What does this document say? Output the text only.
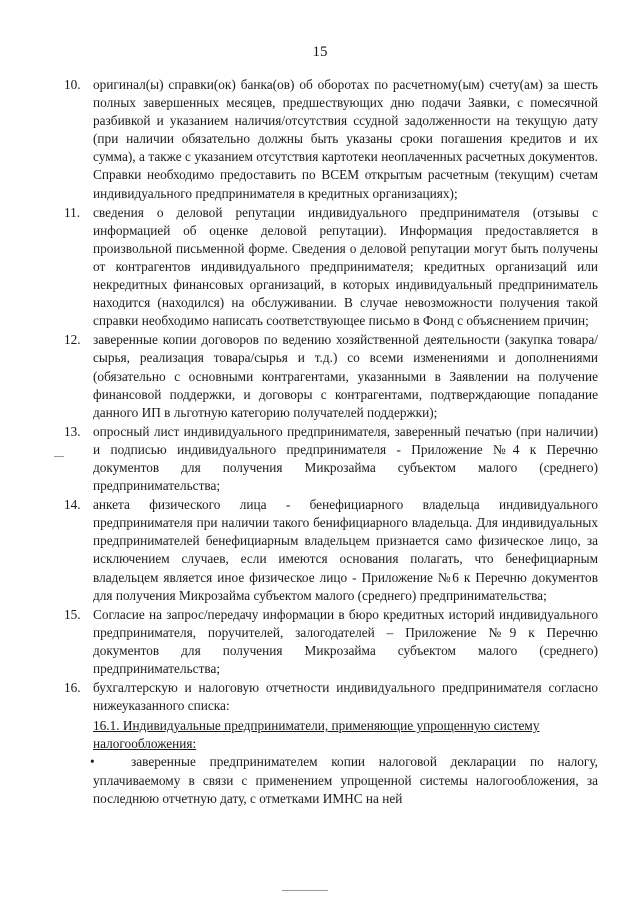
15
10. оригинал(ы) справки(ок) банка(ов) об оборотах по расчетному(ым) счету(ам) за шесть полных завершенных месяцев, предшествующих дню подачи Заявки, с помесячной разбивкой и указанием наличия/отсутствия ссудной задолженности на текущую дату (при наличии обязательно должны быть указаны сроки погашения кредитов и их сумма), а также с указанием отсутствия картотеки неоплаченных расчетных документов. Справки необходимо предоставить по ВСЕМ открытым расчетным (текущим) счетам индивидуального предпринимателя в кредитных организациях);
11. сведения о деловой репутации индивидуального предпринимателя (отзывы с информацией об оценке деловой репутации). Информация предоставляется в произвольной письменной форме. Сведения о деловой репутации могут быть получены от контрагентов индивидуального предпринимателя; кредитных организаций или некредитных финансовых организаций, в которых индивидуальный предприниматель находится (находился) на обслуживании. В случае невозможности получения такой справки необходимо написать соответствующее письмо в Фонд с объяснением причин;
12. заверенные копии договоров по ведению хозяйственной деятельности (закупка товара/сырья, реализация товара/сырья и т.д.) со всеми изменениями и дополнениями (обязательно с основными контрагентами, указанными в Заявлении на получение финансовой поддержки, и договоры с контрагентами, подтверждающие попадание данного ИП в льготную категорию получателей поддержки);
13. опросный лист индивидуального предпринимателя, заверенный печатью (при наличии) и подписью индивидуального предпринимателя - Приложение №4 к Перечню документов для получения Микрозайма субъектом малого (среднего) предпринимательства;
14. анкета физического лица - бенефициарного владельца индивидуального предпринимателя при наличии такого бенифициарного владельца. Для индивидуальных предпринимателей бенефициарным владельцем признается само физическое лицо, за исключением случаев, если имеются основания полагать, что бенефициарным владельцем является иное физическое лицо - Приложение №6 к Перечню документов для получения Микрозайма субъектом малого (среднего) предпринимательства;
15. Согласие на запрос/передачу информации в бюро кредитных историй индивидуального предпринимателя, поручителей, залогодателей – Приложение №9 к Перечню документов для получения Микрозайма субъектом малого (среднего) предпринимательства;
16. бухгалтерскую и налоговую отчетности индивидуального предпринимателя согласно нижеуказанного списка:
16.1. Индивидуальные предприниматели, применяющие упрощенную систему налогообложения:
•	заверенные предпринимателем копии налоговой декларации по налогу, уплачиваемому в связи с применением упрощенной системы налогообложения, за последнюю отчетную дату, с отметками ИМНС на ней
